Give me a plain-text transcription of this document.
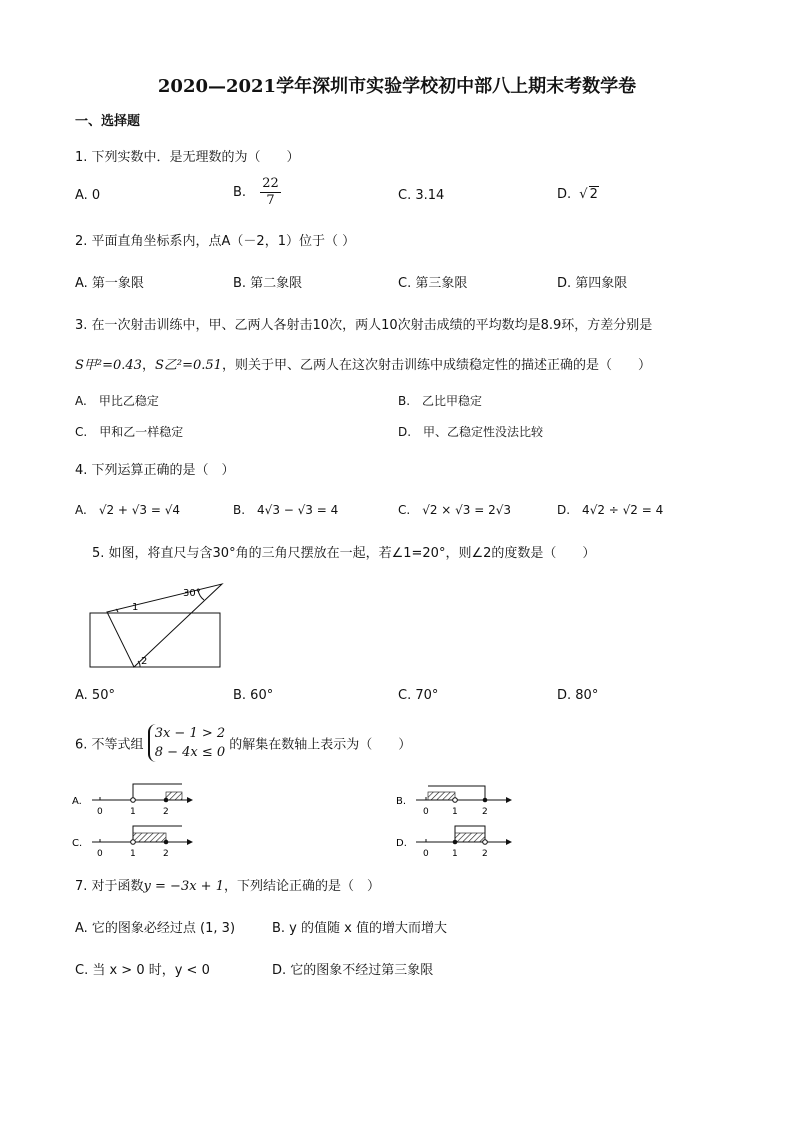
2020—2021学年深圳市实验学校初中部八上期末考数学卷
一、选择题
1. 下列实数中．是无理数的为（　　）
A. 0	B. $\frac{22}{7}$	C. 3.14	D. √ 2
2. 平面直角坐标系内，点A（－2，1）位于（ ）
A. 第一象限	B. 第二象限	C. 第三象限	D. 第四象限
3. 在一次射击训练中，甲、乙两人各射击10次，两人10次射击成绩的平均数均是8.9环，方差分别是
S甲²=0.43，S乙²=0.51，则关于甲、乙两人在这次射击训练中成绩稳定性的描述正确的是（　　）
A.　甲比乙稳定	B.　乙比甲稳定
C.　甲和乙一样稳定	D.　甲、乙稳定性没法比较
4. 下列运算正确的是（　）
A.　√2 + √3 = √4	B.　4√3 − √3 = 4	C.　√2 × √3 = 2√3	D.　4√2 ÷ √2 = 4
5. 如图，将直尺与含30°角的三角尺摆放在一起，若∠1=20°，则∠2的度数是（　　）
30°
1
2
A. 50°	B. 60°	C. 70°	D. 80°
6. 不等式组
3x − 1 > 2
8 − 4x ≤ 0 的解集在数轴上表示为（　　）
A.
0	1	2
C.
0	1	2
B.
0	1	2
D.
0	1	2
7. 对于函数y = −3x + 1，下列结论正确的是（　）
A. 它的图象必经过点 (1, 3)	B. y 的值随 x 值的增大而增大
C. 当 x > 0 时，y < 0	D. 它的图象不经过第三象限
